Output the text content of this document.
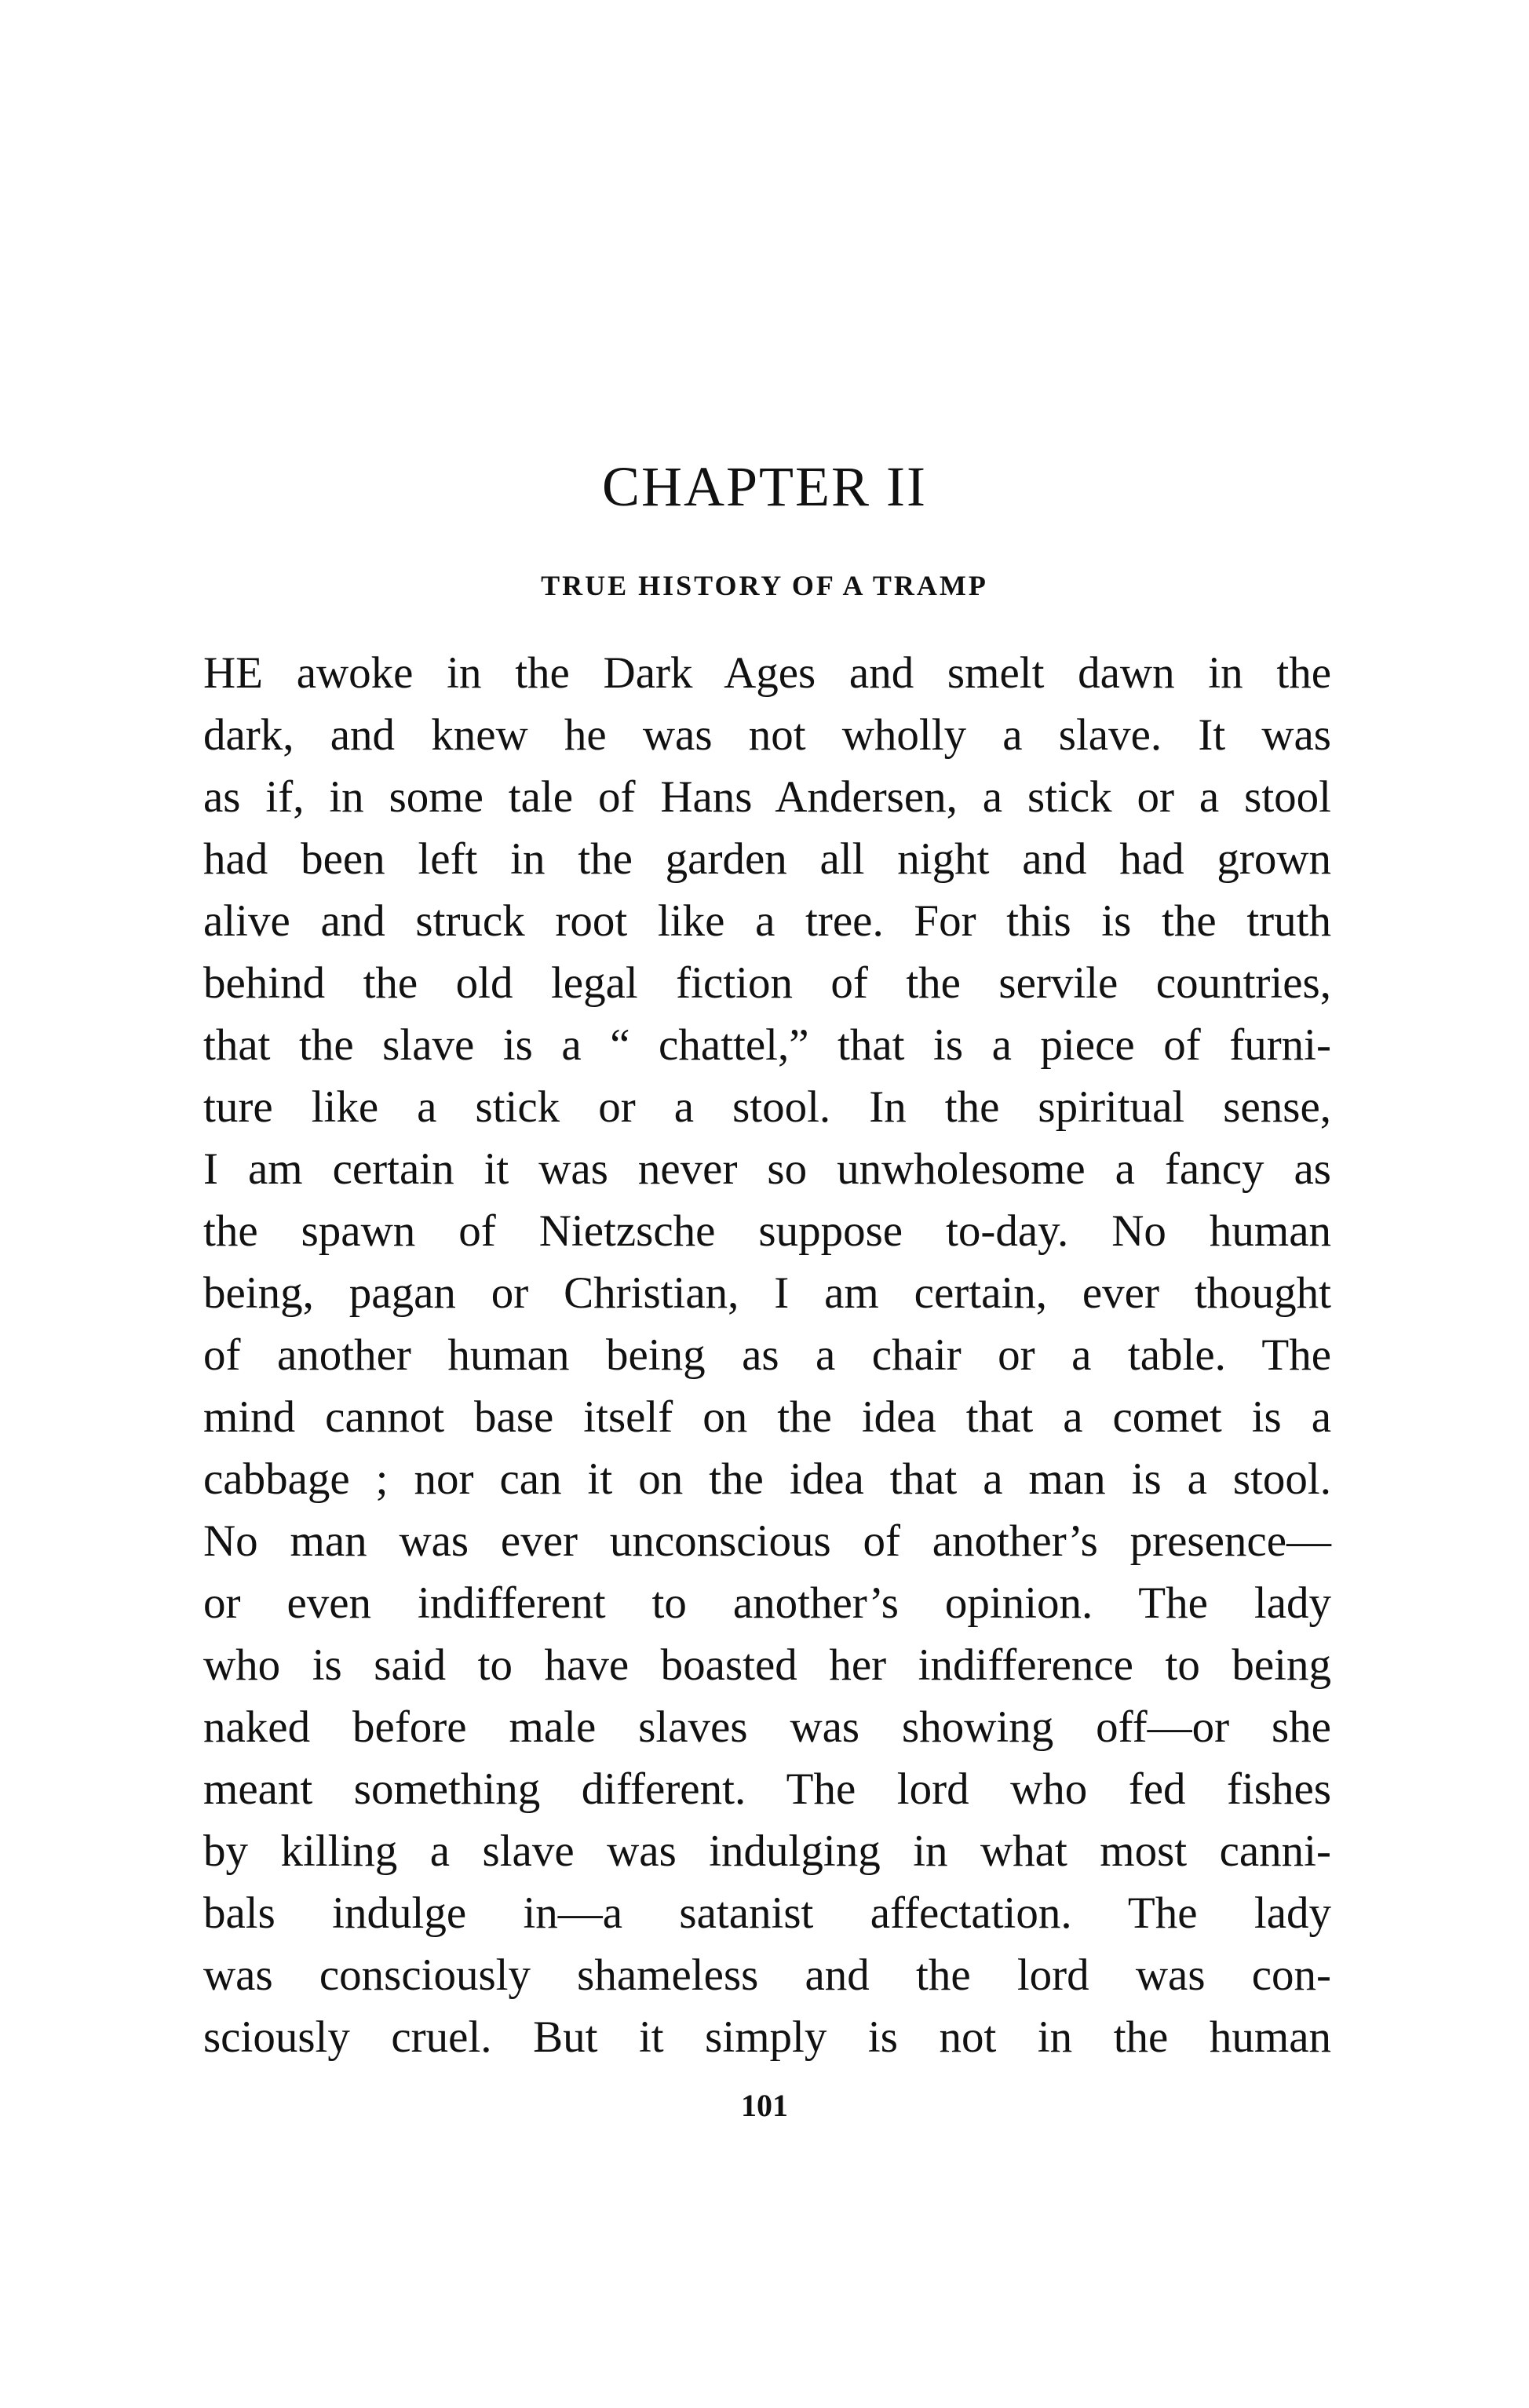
CHAPTER II
TRUE HISTORY OF A TRAMP
HE awoke in the Dark Ages and smelt dawn in the
dark, and knew he was not wholly a slave. It was
as if, in some tale of Hans Andersen, a stick or a stool
had been left in the garden all night and had grown
alive and struck root like a tree. For this is the truth
behind the old legal fiction of the servile countries,
that the slave is a “ chattel,” that is a piece of furni-
ture like a stick or a stool. In the spiritual sense,
I am certain it was never so unwholesome a fancy as
the spawn of Nietzsche suppose to-day. No human
being, pagan or Christian, I am certain, ever thought
of another human being as a chair or a table. The
mind cannot base itself on the idea that a comet is a
cabbage ; nor can it on the idea that a man is a stool.
No man was ever unconscious of another’s presence—
or even indifferent to another’s opinion. The lady
who is said to have boasted her indifference to being
naked before male slaves was showing off—or she
meant something different. The lord who fed fishes
by killing a slave was indulging in what most canni-
bals indulge in—a satanist affectation. The lady
was consciously shameless and the lord was con-
sciously cruel. But it simply is not in the human
101
